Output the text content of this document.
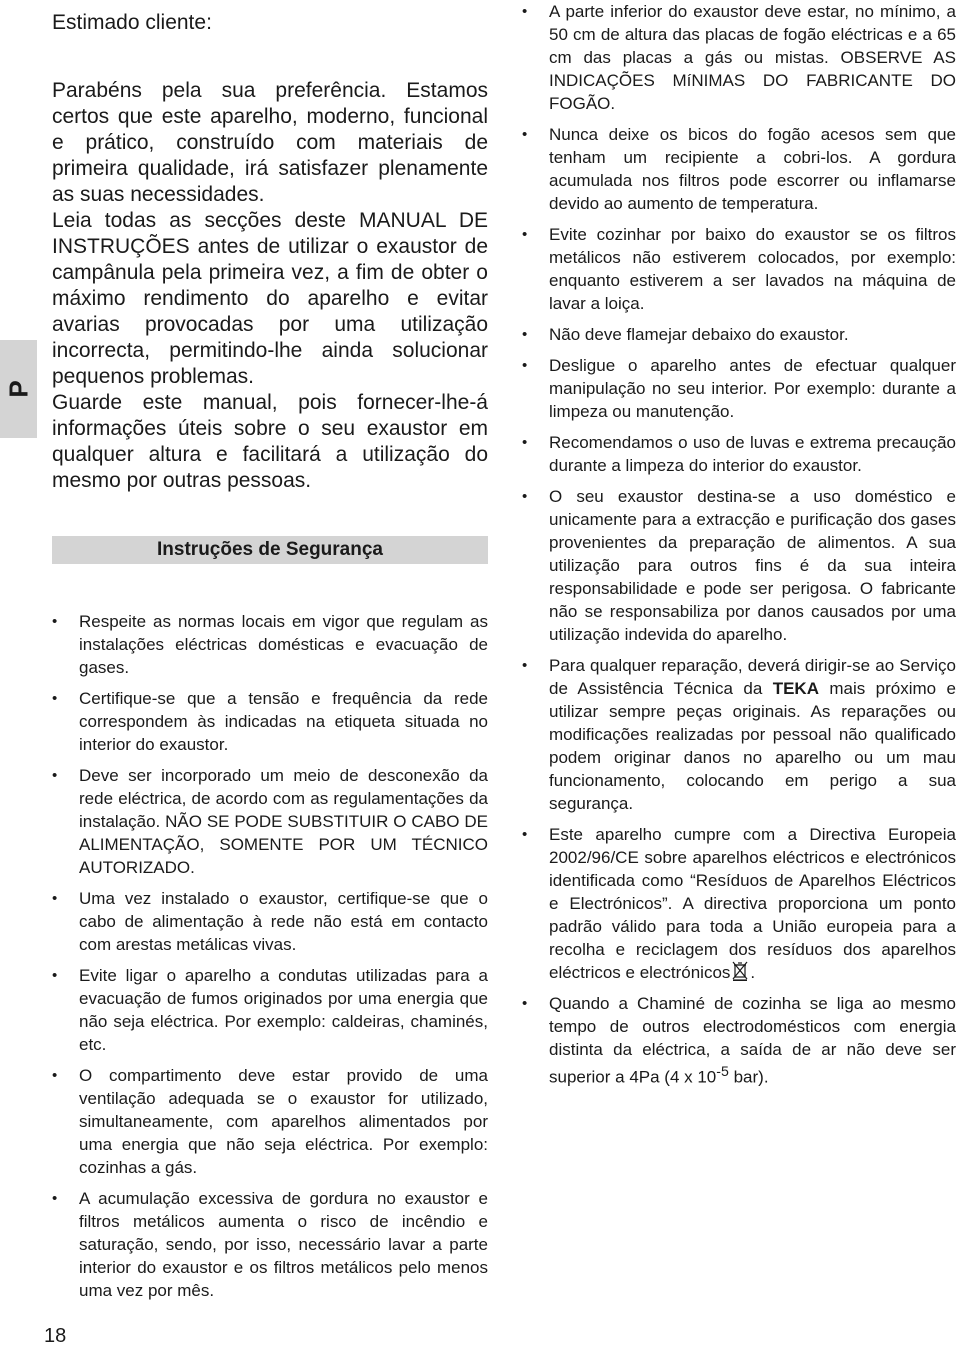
P

Estimado cliente:

Parabéns pela sua preferência. Estamos certos que este aparelho, moderno, funcional e prático, construído com materiais de primeira qualidade, irá satisfazer plenamente as suas necessidades.

Leia todas as secções deste MANUAL DE INSTRUÇÕES antes de utilizar o exaustor de campânula pela primeira vez, a fim de obter o máximo rendimento do aparelho e evitar avarias provocadas por uma utilização incorrecta, permitindo-lhe ainda solucionar pequenos problemas.

Guarde este manual, pois fornecer-lhe-á informações úteis sobre o seu exaustor em qualquer altura e facilitará a utilização do mesmo por outras pessoas.

Instruções de Segurança
• Respeite as normas locais em vigor que regulam as instalações eléctricas domésticas e evacuação de gases.
• Certifique-se que a tensão e frequência da rede correspondem às indicadas na etiqueta situada no interior do exaustor.
• Deve ser incorporado um meio de desconexão da rede eléctrica, de acordo com as regulamentações da instalação. NÃO SE PODE SUBSTITUIR O CABO DE ALIMENTAÇÃO, SOMENTE POR UM TÉCNICO AUTORIZADO.
• Uma vez instalado o exaustor, certifique-se que o cabo de alimentação à rede não está em contacto com arestas metálicas vivas.
• Evite ligar o aparelho a condutas utilizadas para a evacuação de fumos originados por uma energia que não seja eléctrica. Por exemplo: caldeiras, chaminés, etc.
• O compartimento deve estar provido de uma ventilação adequada se o exaustor for utilizado, simultaneamente, com aparelhos alimentados por uma energia que não seja eléctrica. Por exemplo: cozinhas a gás.
• A acumulação excessiva de gordura no exaustor e filtros metálicos aumenta o risco de incêndio e saturação, sendo, por isso, necessário lavar a parte interior do exaustor e os filtros metálicos pelo menos uma vez por mês.
• A parte inferior do exaustor deve estar, no mínimo, a 50 cm de altura das placas de fogão eléctricas e a 65 cm das placas a gás ou mistas. OBSERVE AS INDICAÇÕES MíNIMAS DO FABRICANTE DO FOGÃO.
• Nunca deixe os bicos do fogão acesos sem que tenham um recipiente a cobri-los. A gordura acumulada nos filtros pode escorrer ou inflamarse devido ao aumento de temperatura.
• Evite cozinhar por baixo do exaustor se os filtros metálicos não estiverem colocados, por exemplo: enquanto estiverem a ser lavados na máquina de lavar a loiça.
• Não deve flamejar debaixo do exaustor.
• Desligue o aparelho antes de efectuar qualquer manipulação no seu interior. Por exemplo: durante a limpeza ou manutenção.
• Recomendamos o uso de luvas e extrema precaução durante a limpeza do interior do exaustor.
• O seu exaustor destina-se a uso doméstico e unicamente para a extracção e purificação dos gases provenientes da preparação de alimentos. A sua utilização para outros fins é da sua inteira responsabilidade e pode ser perigosa. O fabricante não se responsabiliza por danos causados por uma utilização indevida do aparelho.
• Para qualquer reparação, deverá dirigir-se ao Serviço de Assistência Técnica da TEKA mais próximo e utilizar sempre peças originais. As reparações ou modificações realizadas por pessoal não qualificado podem originar danos no aparelho ou um mau funcionamento, colocando em perigo a sua segurança.
• Este aparelho cumpre com a Directiva Europeia 2002/96/CE sobre aparelhos eléctricos e electrónicos identificada como “Resíduos de Aparelhos Eléctricos e Electrónicos”. A directiva proporciona um ponto padrão válido para toda a União europeia para a recolha e reciclagem dos resíduos dos aparelhos eléctricos e electrónicos .
• Quando a Chaminé de cozinha se liga ao mesmo tempo de outros electrodomésticos com energia distinta da eléctrica, a saída de ar não deve ser superior a 4Pa (4 x $10^{-5}$ bar).
18
